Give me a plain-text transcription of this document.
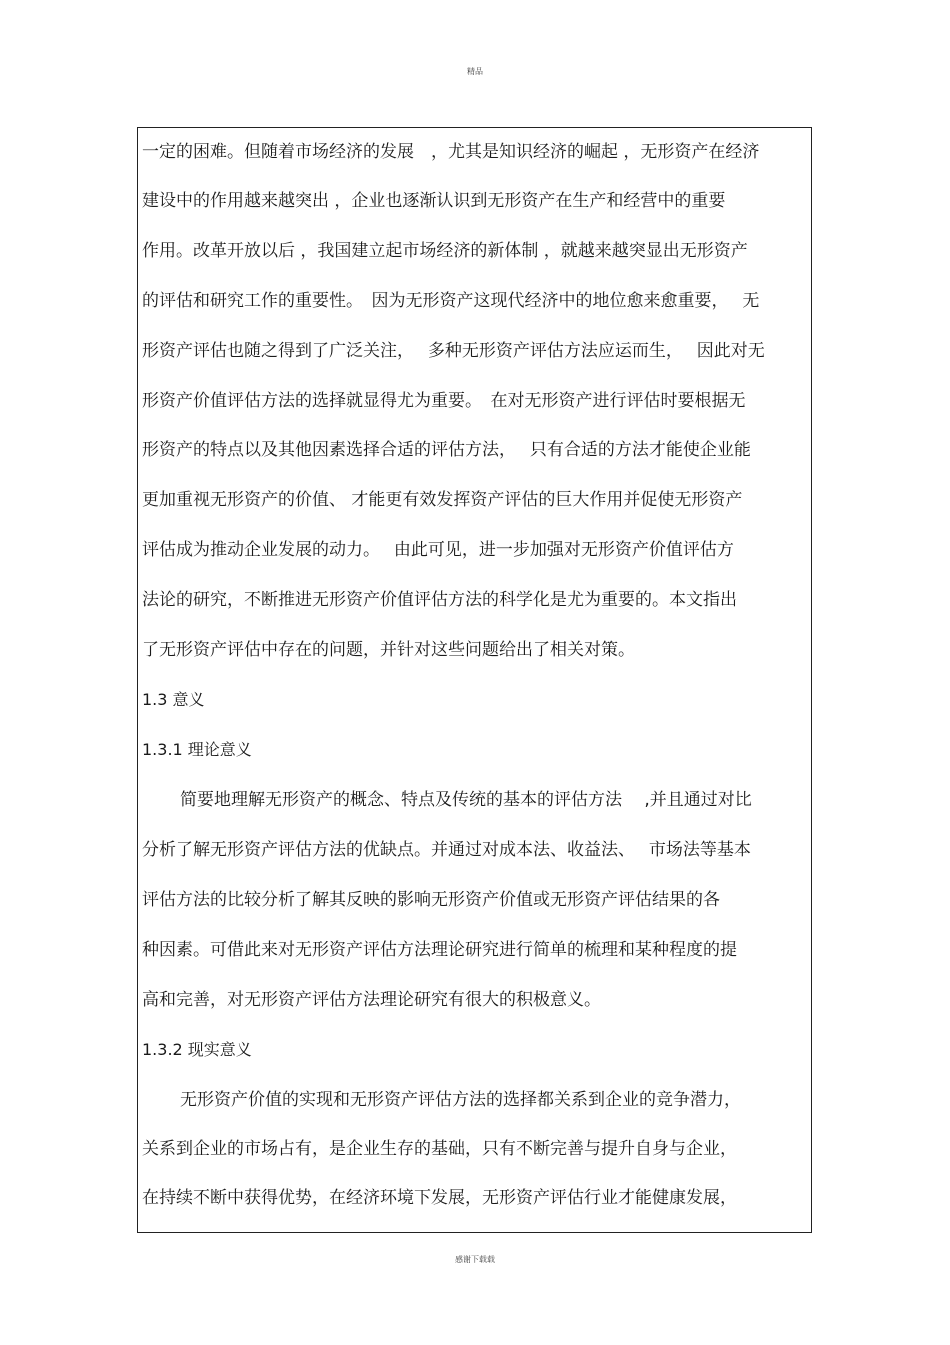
精品
一定的困难。但随着市场经济的发展　，尤其是知识经济的崛起 ，无形资产在经济
建设中的作用越来越突出 ，企业也逐渐认识到无形资产在生产和经营中的重要
作用。改革开放以后 ，我国建立起市场经济的新体制 ，就越来越突显出无形资产
的评估和研究工作的重要性。　因为无形资产这现代经济中的地位愈来愈重要，　 无
形资产评估也随之得到了广泛关注，　 多种无形资产评估方法应运而生，　 因此对无
形资产价值评估方法的选择就显得尤为重要。　在对无形资产进行评估时要根据无
形资产的特点以及其他因素选择合适的评估方法，　 只有合适的方法才能使企业能
更加重视无形资产的价值、 才能更有效发挥资产评估的巨大作用并促使无形资产
评估成为推动企业发展的动力。　 由此可见，进一步加强对无形资产价值评估方
法论的研究，不断推进无形资产价值评估方法的科学化是尤为重要的。本文指出
了无形资产评估中存在的问题，并针对这些问题给出了相关对策。
1.3 意义
1.3.1 理论意义
简要地理解无形资产的概念、特点及传统的基本的评估方法　 ,并且通过对比
分析了解无形资产评估方法的优缺点。并通过对成本法、收益法、　 市场法等基本
评估方法的比较分析了解其反映的影响无形资产价值或无形资产评估结果的各
种因素。可借此来对无形资产评估方法理论研究进行简单的梳理和某种程度的提
高和完善，对无形资产评估方法理论研究有很大的积极意义。
1.3.2 现实意义
无形资产价值的实现和无形资产评估方法的选择都关系到企业的竞争潜力，
关系到企业的市场占有，是企业生存的基础，只有不断完善与提升自身与企业，
在持续不断中获得优势，在经济环境下发展，无形资产评估行业才能健康发展，
感谢下载载
